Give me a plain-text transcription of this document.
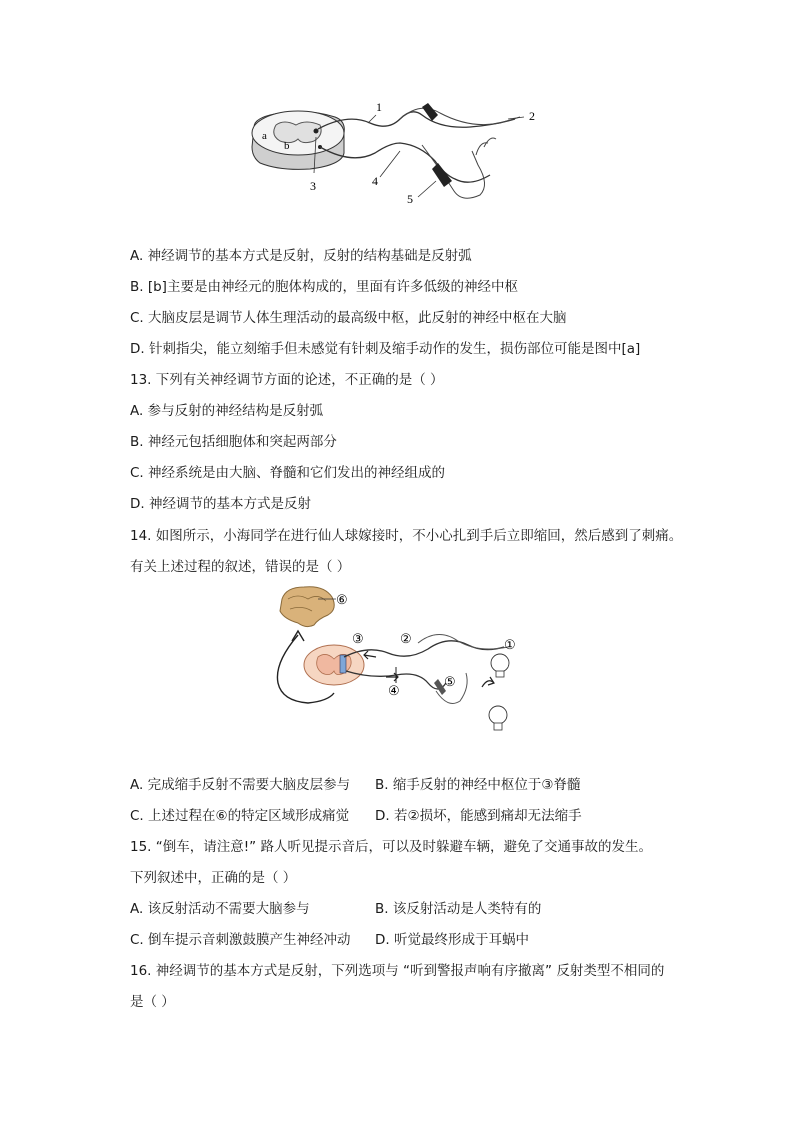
1
2
3	4
5
a
b
A. 神经调节的基本方式是反射，反射的结构基础是反射弧
B. [b]主要是由神经元的胞体构成的，里面有许多低级的神经中枢
C. 大脑皮层是调节人体生理活动的最高级中枢，此反射的神经中枢在大脑
D. 针刺指尖，能立刻缩手但未感觉有针刺及缩手动作的发生，损伤部位可能是图中[a]
13. 下列有关神经调节方面的论述，不正确的是（ ）
A. 参与反射的神经结构是反射弧
B. 神经元包括细胞体和突起两部分
C. 神经系统是由大脑、脊髓和它们发出的神经组成的
D. 神经调节的基本方式是反射
14. 如图所示，小海同学在进行仙人球嫁接时，不小心扎到手后立即缩回，然后感到了刺痛。
有关上述过程的叙述，错误的是（ ）
⑥
①
②
③
④
⑤
A. 完成缩手反射不需要大脑皮层参与 B. 缩手反射的神经中枢位于③脊髓
C. 上述过程在⑥的特定区域形成痛觉 D. 若②损坏，能感到痛却无法缩手
15. “倒车，请注意!” 路人听见提示音后，可以及时躲避车辆，避免了交通事故的发生。
下列叙述中，正确的是（ ）
A. 该反射活动不需要大脑参与	B. 该反射活动是人类特有的
C. 倒车提示音刺激鼓膜产生神经冲动 D. 听觉最终形成于耳蜗中
16. 神经调节的基本方式是反射，下列选项与 “听到警报声响有序撤离” 反射类型不相同的
是（ ）
